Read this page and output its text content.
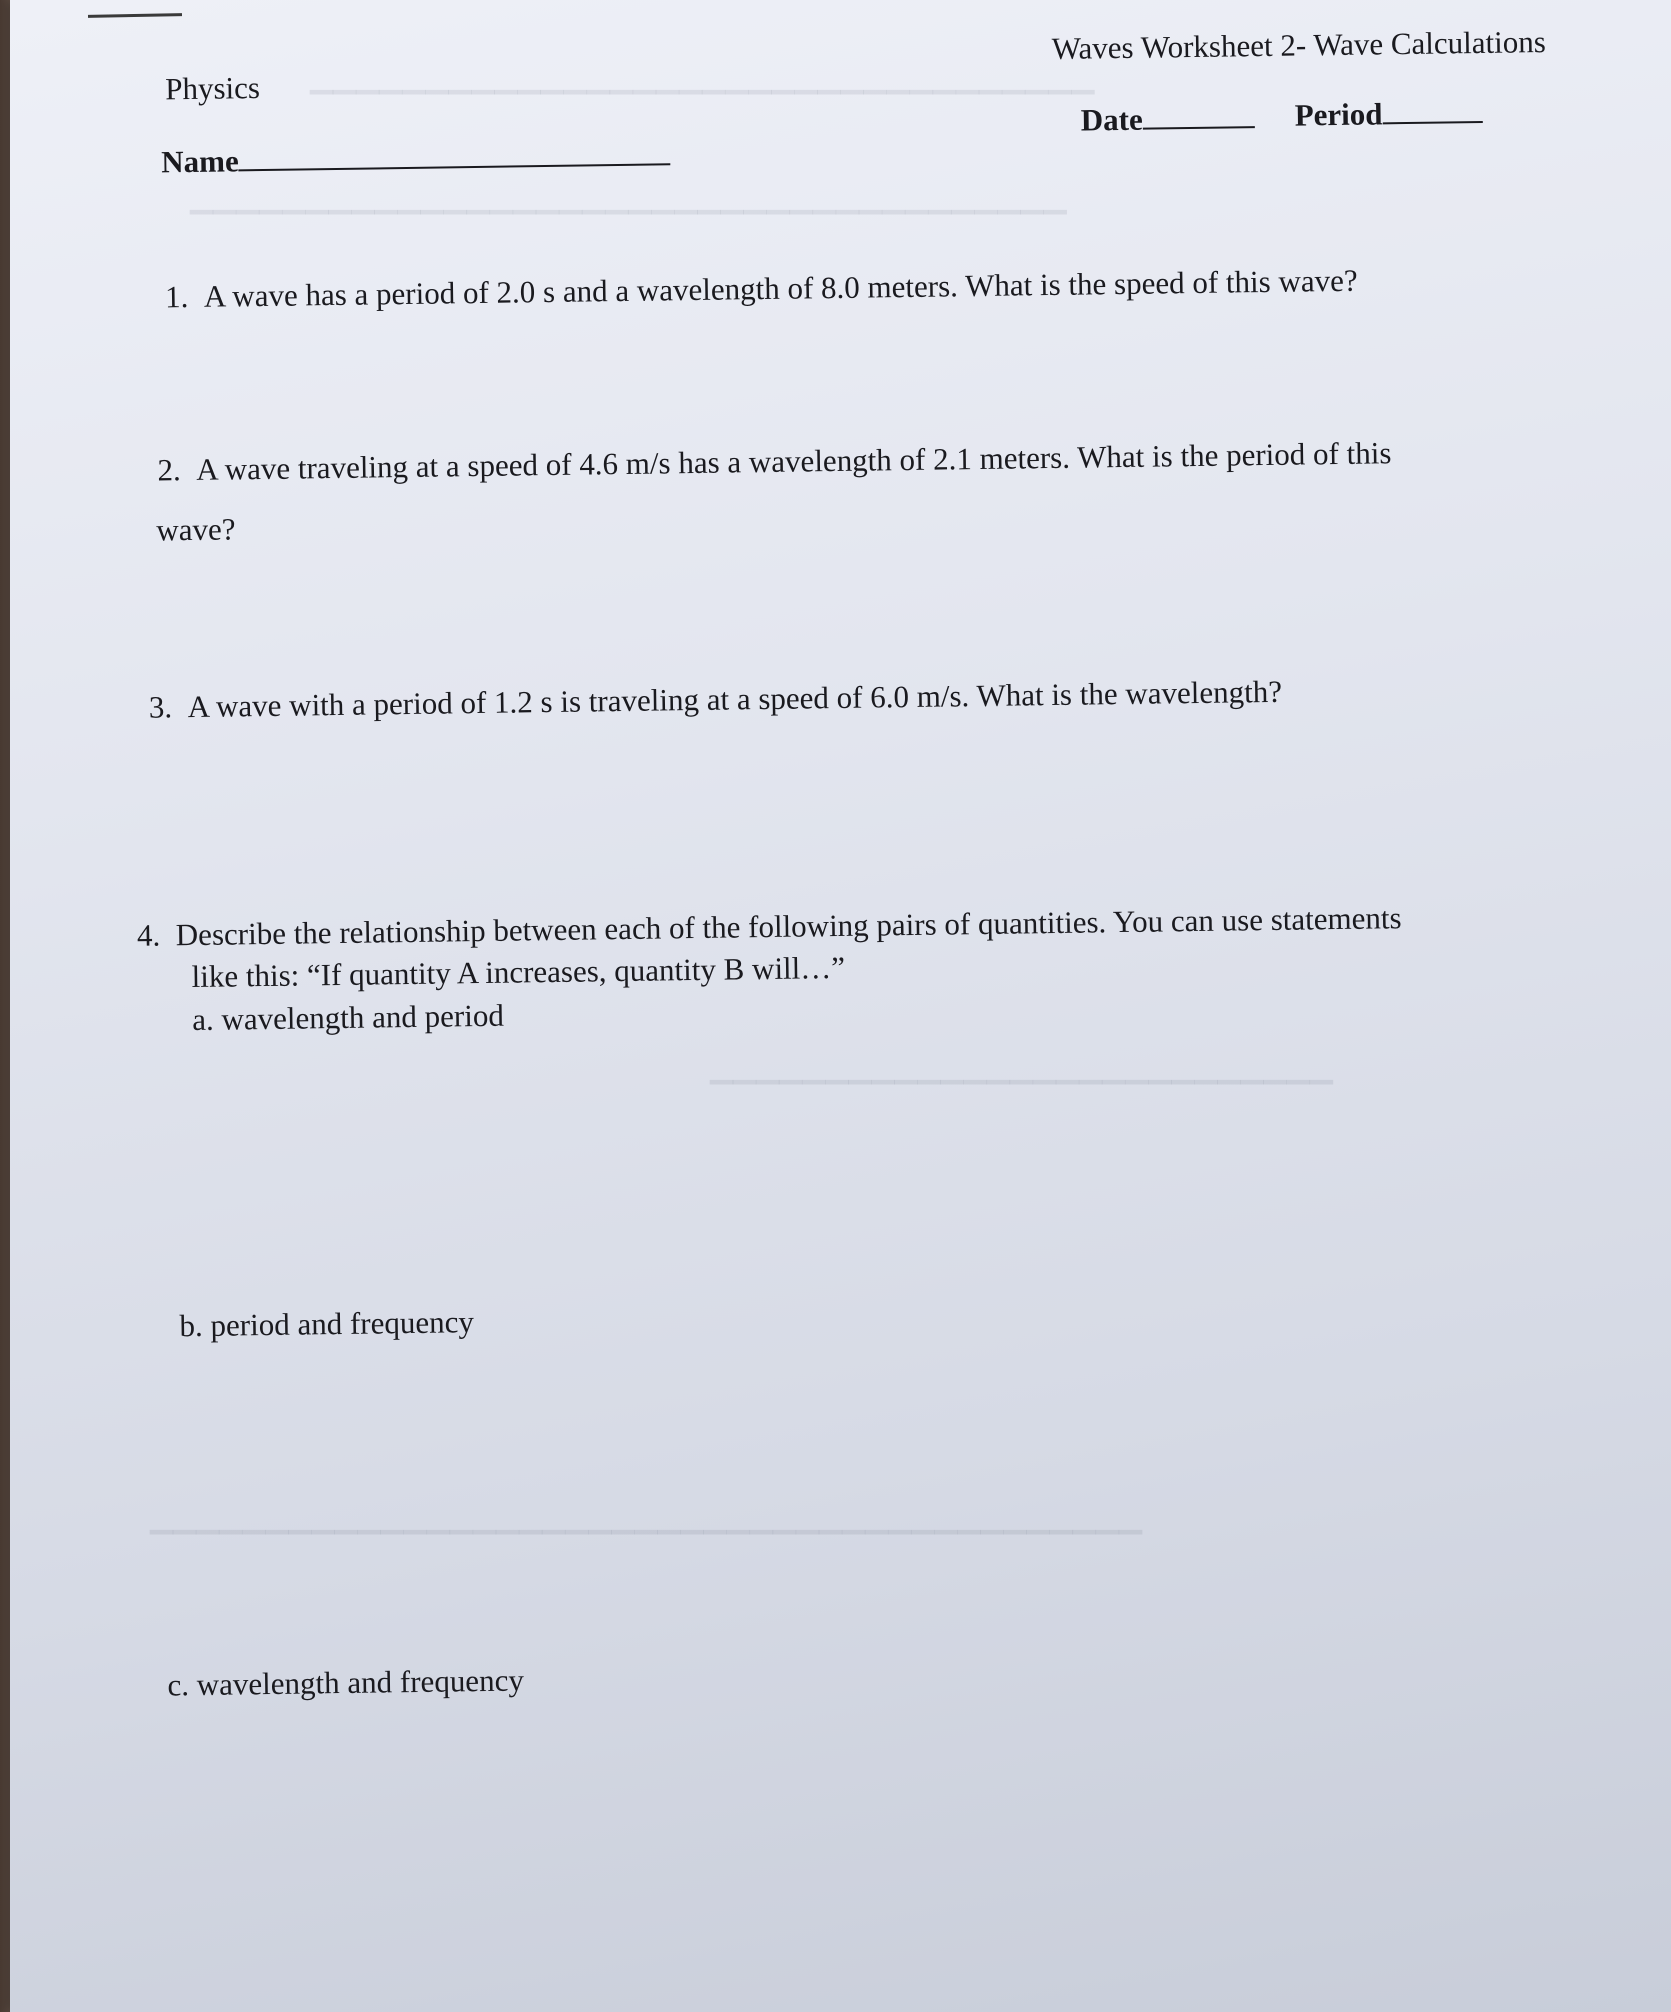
▁▁▁▁▁▁▁▁▁▁▁▁▁▁▁▁▁▁▁▁▁▁▁▁▁▁▁▁▁▁▁▁▁▁
▁▁▁▁▁▁▁▁▁▁▁▁▁▁▁▁▁▁▁▁▁▁▁▁▁▁▁▁▁▁▁▁▁▁▁▁▁▁
▁▁▁▁▁▁▁▁▁▁▁▁▁▁▁▁▁▁▁▁▁▁▁▁▁▁▁
▁▁▁▁▁▁▁▁▁▁▁▁▁▁▁▁▁▁▁▁▁▁▁▁▁▁▁▁▁▁▁▁▁▁▁▁▁▁▁▁▁▁▁
Physics
Waves Worksheet 2- Wave Calculations
Name
Date	Period
1. A wave has a period of 2.0 s and a wavelength of 8.0 meters. What is the speed of this wave?
2. A wave traveling at a speed of 4.6 m/s has a wavelength of 2.1 meters. What is the period of this
wave?
3. A wave with a period of 1.2 s is traveling at a speed of 6.0 m/s. What is the wavelength?
4. Describe the relationship between each of the following pairs of quantities. You can use statements
like this: “If quantity A increases, quantity B will…”
a. wavelength and period
b. period and frequency
c. wavelength and frequency
